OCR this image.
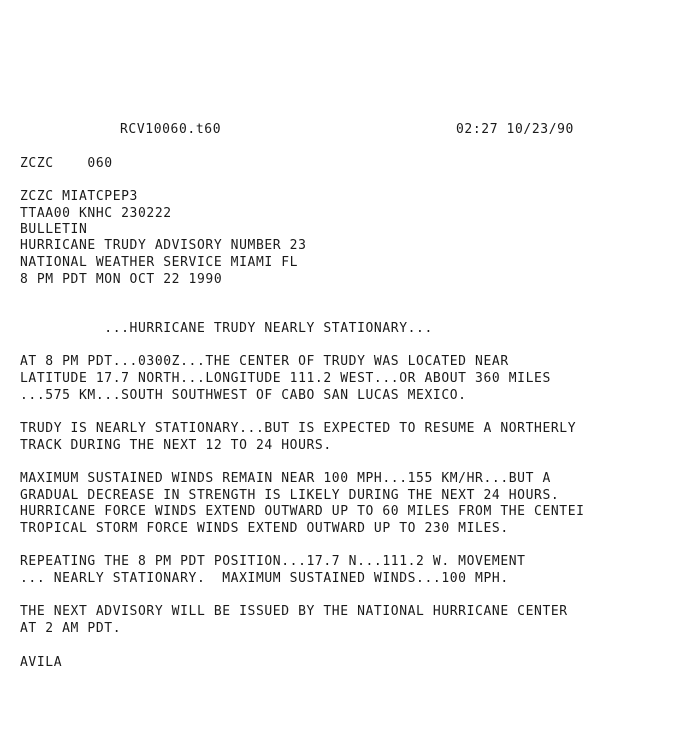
RCV10060.t60	02:27 10/23/90
ZCZC    060
ZCZC MIATCPEP3
TTAA00 KNHC 230222
BULLETIN
HURRICANE TRUDY ADVISORY NUMBER 23
NATIONAL WEATHER SERVICE MIAMI FL
8 PM PDT MON OCT 22 1990
...HURRICANE TRUDY NEARLY STATIONARY...
AT 8 PM PDT...0300Z...THE CENTER OF TRUDY WAS LOCATED NEAR
LATITUDE 17.7 NORTH...LONGITUDE 111.2 WEST...OR ABOUT 360 MILES
...575 KM...SOUTH SOUTHWEST OF CABO SAN LUCAS MEXICO.
TRUDY IS NEARLY STATIONARY...BUT IS EXPECTED TO RESUME A NORTHERLY
TRACK DURING THE NEXT 12 TO 24 HOURS.
MAXIMUM SUSTAINED WINDS REMAIN NEAR 100 MPH...155 KM/HR...BUT A
GRADUAL DECREASE IN STRENGTH IS LIKELY DURING THE NEXT 24 HOURS.
HURRICANE FORCE WINDS EXTEND OUTWARD UP TO 60 MILES FROM THE CENTEI
TROPICAL STORM FORCE WINDS EXTEND OUTWARD UP TO 230 MILES.
REPEATING THE 8 PM PDT POSITION...17.7 N...111.2 W. MOVEMENT
... NEARLY STATIONARY.  MAXIMUM SUSTAINED WINDS...100 MPH.
THE NEXT ADVISORY WILL BE ISSUED BY THE NATIONAL HURRICANE CENTER
AT 2 AM PDT.
AVILA
